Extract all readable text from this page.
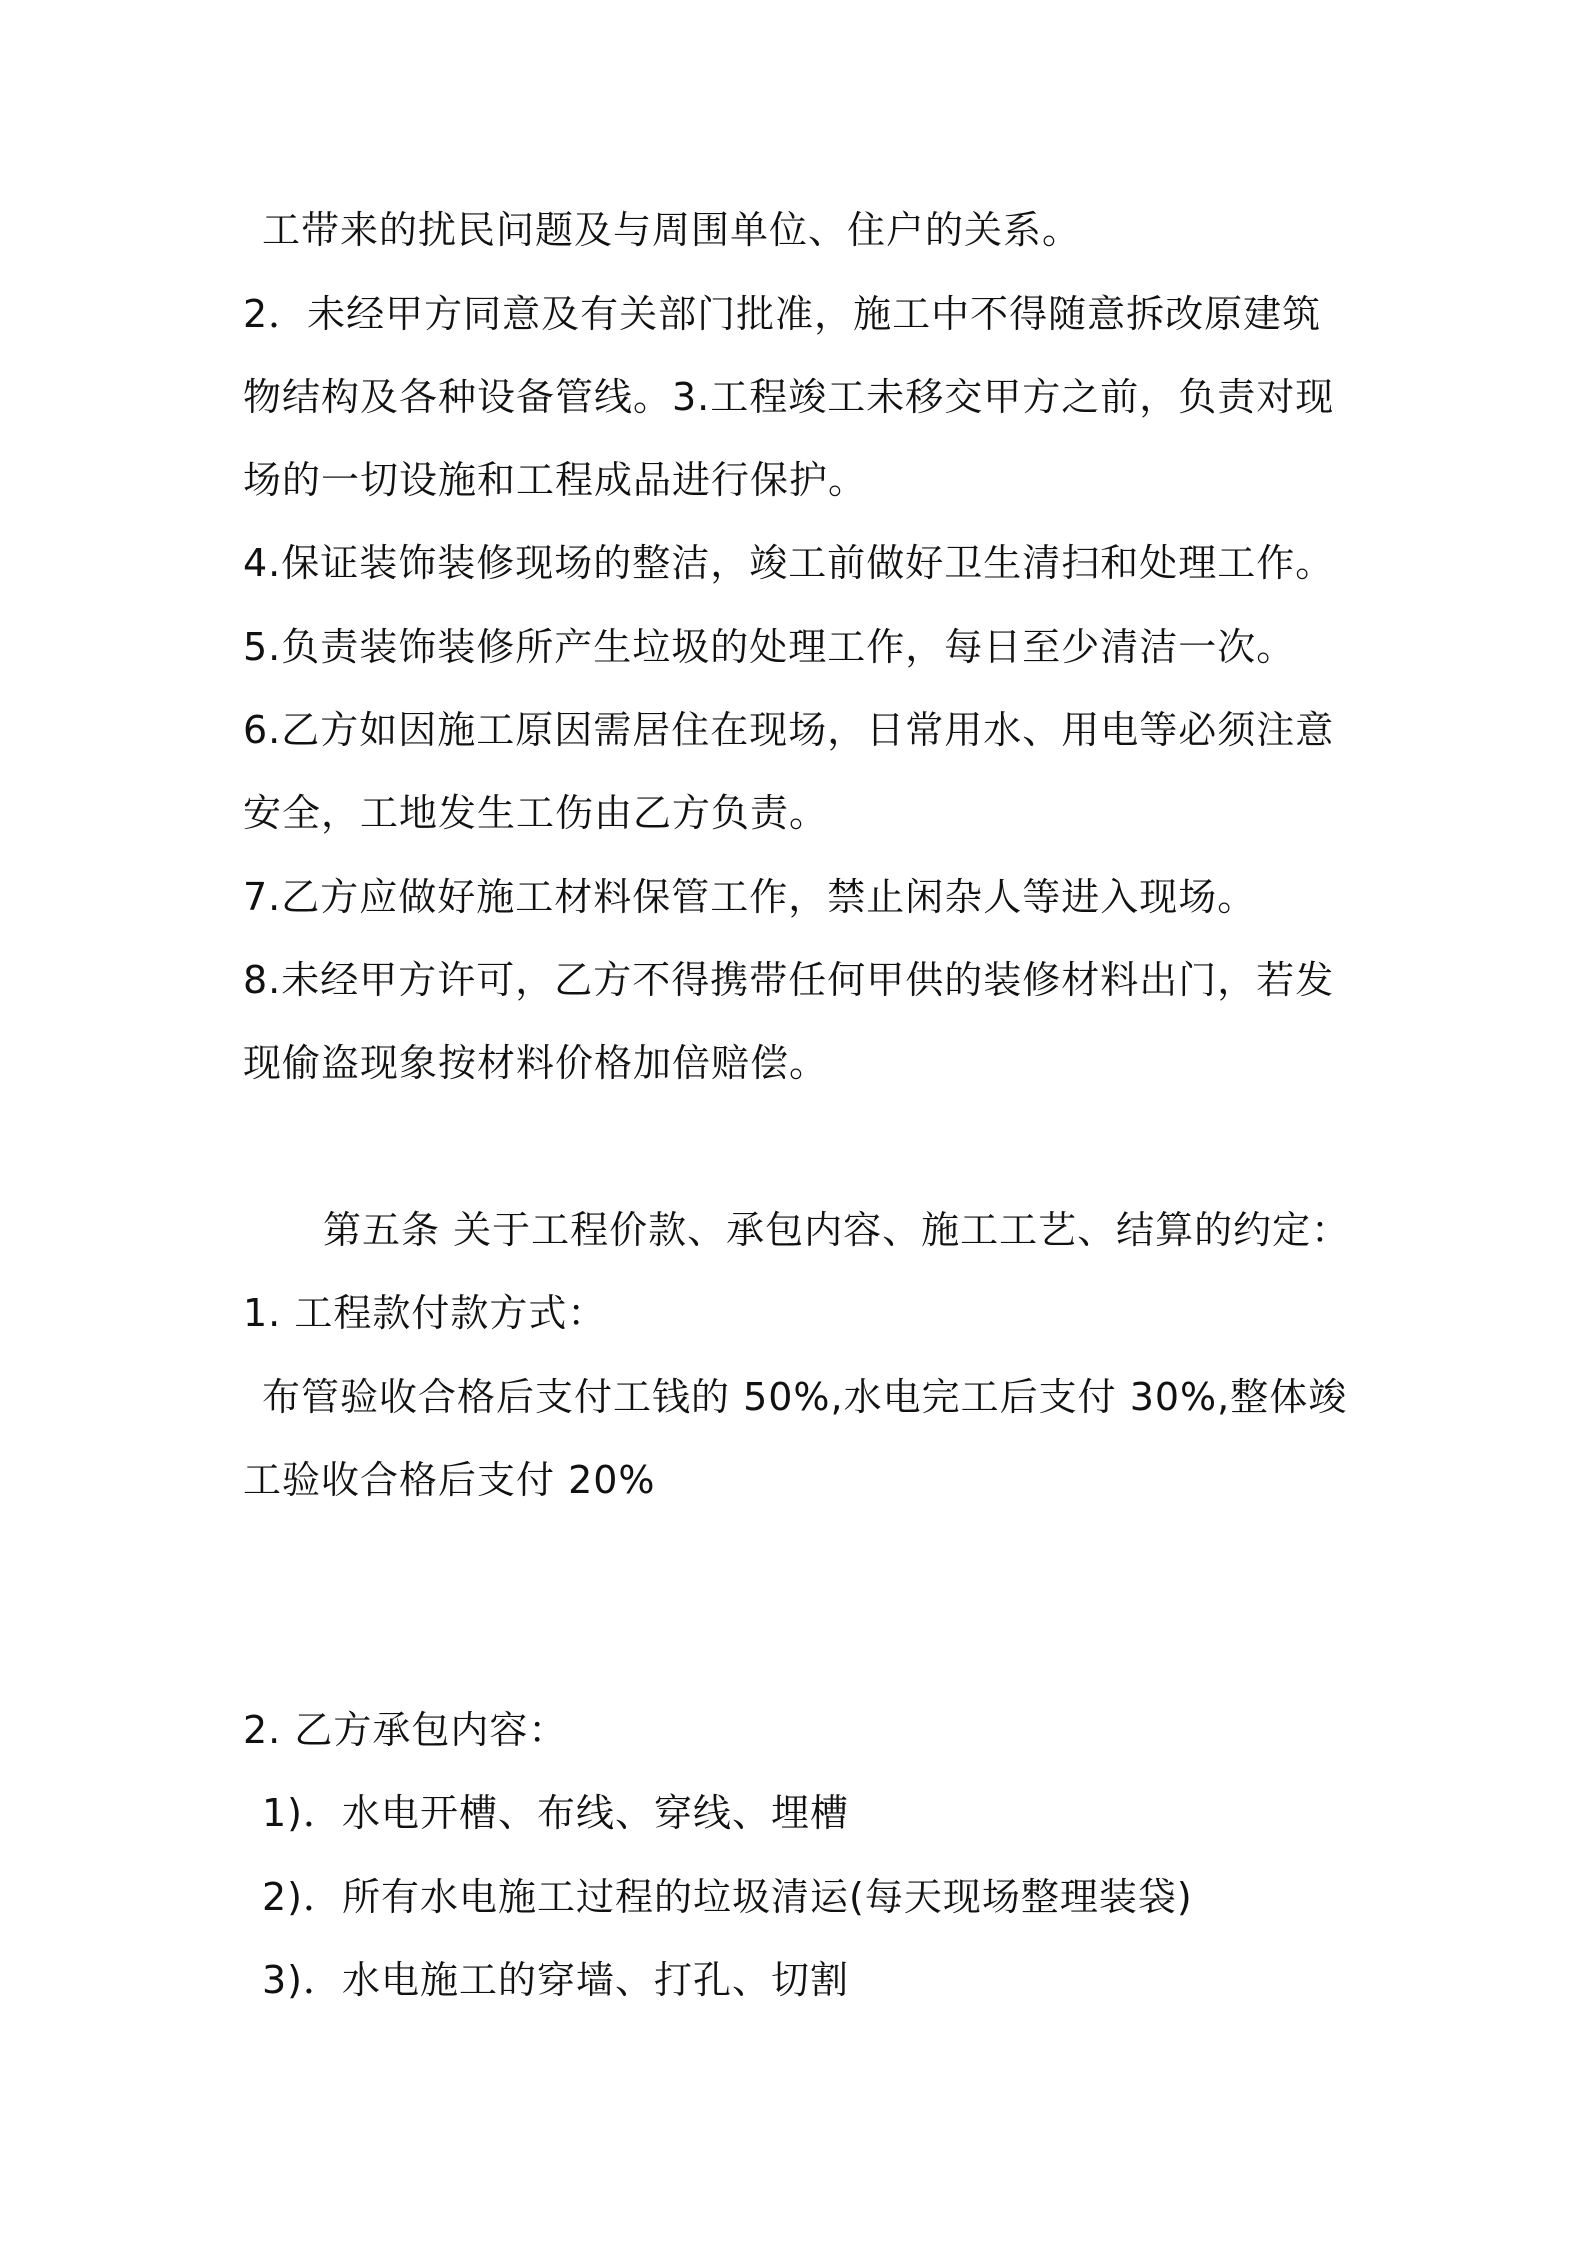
工带来的扰民问题及与周围单位、住户的关系。
2．未经甲方同意及有关部门批准，施工中不得随意拆改原建筑
物结构及各种设备管线。3.工程竣工未移交甲方之前，负责对现
场的一切设施和工程成品进行保护。
4.保证装饰装修现场的整洁，竣工前做好卫生清扫和处理工作。
5.负责装饰装修所产生垃圾的处理工作，每日至少清洁一次。
6.乙方如因施工原因需居住在现场，日常用水、用电等必须注意
安全，工地发生工伤由乙方负责。
7.乙方应做好施工材料保管工作，禁止闲杂人等进入现场。
8.未经甲方许可，乙方不得携带任何甲供的装修材料出门，若发
现偷盗现象按材料价格加倍赔偿。
第五条 关于工程价款、承包内容、施工工艺、结算的约定：
1. 工程款付款方式：
布管验收合格后支付工钱的 50%,水电完工后支付 30%,整体竣
工验收合格后支付 20%
2. 乙方承包内容：
1)．水电开槽、布线、穿线、埋槽
2)．所有水电施工过程的垃圾清运(每天现场整理装袋)
3)．水电施工的穿墙、打孔、切割
